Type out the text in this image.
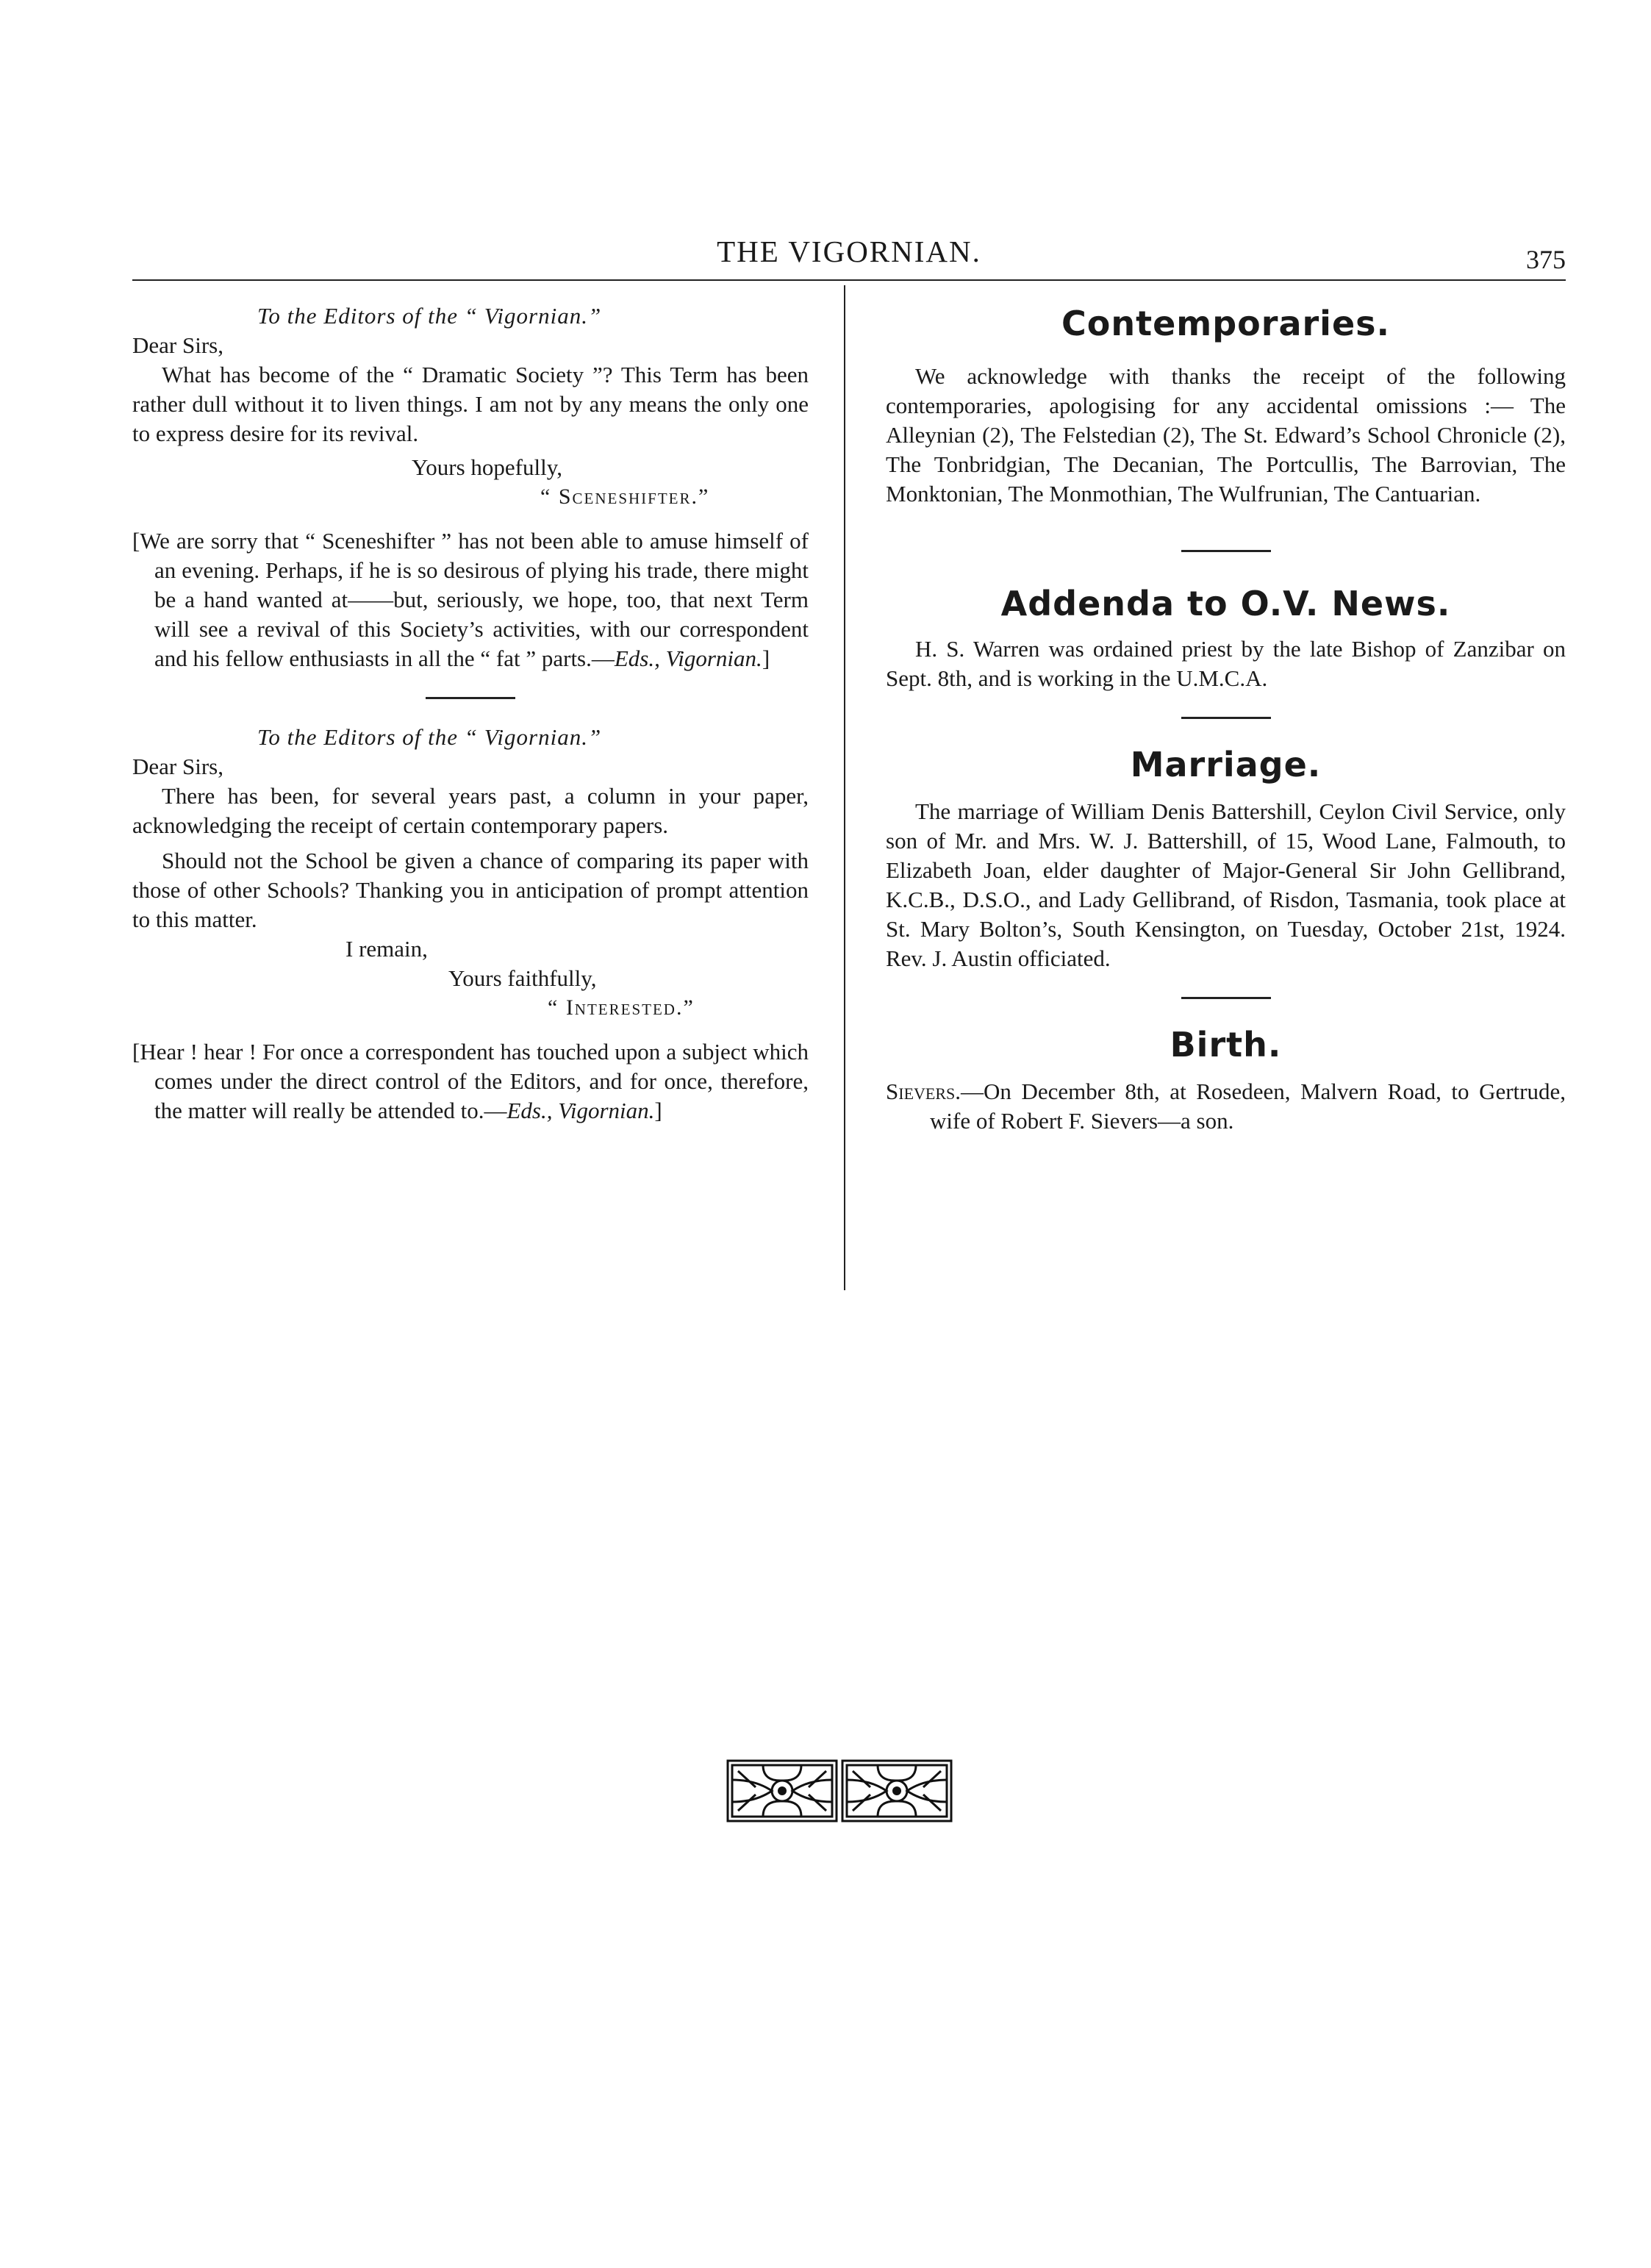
THE VIGORNIAN.	375

To the Editors of the “ Vigornian.”

Dear Sirs,

What has become of the “ Dramatic Society ”? This Term has been rather dull without it to liven things. I am not by any means the only one to express desire for its revival.

Yours hopefully,

“ Sceneshifter.”

[We are sorry that “ Sceneshifter ” has not been able to amuse himself of an evening. Perhaps, if he is so desirous of plying his trade, there might be a hand wanted at——but, seriously, we hope, too, that next Term will see a revival of this Society’s activities, with our correspondent and his fellow enthusiasts in all the “ fat ” parts.—Eds., Vigornian.]

To the Editors of the “ Vigornian.”

Dear Sirs,

There has been, for several years past, a column in your paper, acknowledging the receipt of certain contemporary papers.

Should not the School be given a chance of comparing its paper with those of other Schools? Thanking you in anticipation of prompt attention to this matter.

I remain,

Yours faithfully,

“ Interested.”

[Hear ! hear ! For once a correspondent has touched upon a subject which comes under the direct control of the Editors, and for once, therefore, the matter will really be attended to.—Eds., Vigornian.]

Contemporaries.

We acknowledge with thanks the receipt of the following contemporaries, apologising for any accidental omissions :— The Alleynian (2), The Felstedian (2), The St. Edward’s School Chronicle (2), The Tonbridgian, The Decanian, The Portcullis, The Barrovian, The Monktonian, The Monmothian, The Wulfrunian, The Cantuarian.

Addenda to O.V. News.

H. S. Warren was ordained priest by the late Bishop of Zanzibar on Sept. 8th, and is working in the U.M.C.A.

Marriage.

The marriage of William Denis Battershill, Ceylon Civil Service, only son of Mr. and Mrs. W. J. Battershill, of 15, Wood Lane, Falmouth, to Elizabeth Joan, elder daughter of Major-General Sir John Gellibrand, K.C.B., D.S.O., and Lady Gellibrand, of Risdon, Tasmania, took place at St. Mary Bolton’s, South Kensington, on Tuesday, October 21st, 1924. Rev. J. Austin officiated.

Birth.

Sievers.—On December 8th, at Rosedeen, Malvern Road, to Gertrude, wife of Robert F. Sievers—a son.
